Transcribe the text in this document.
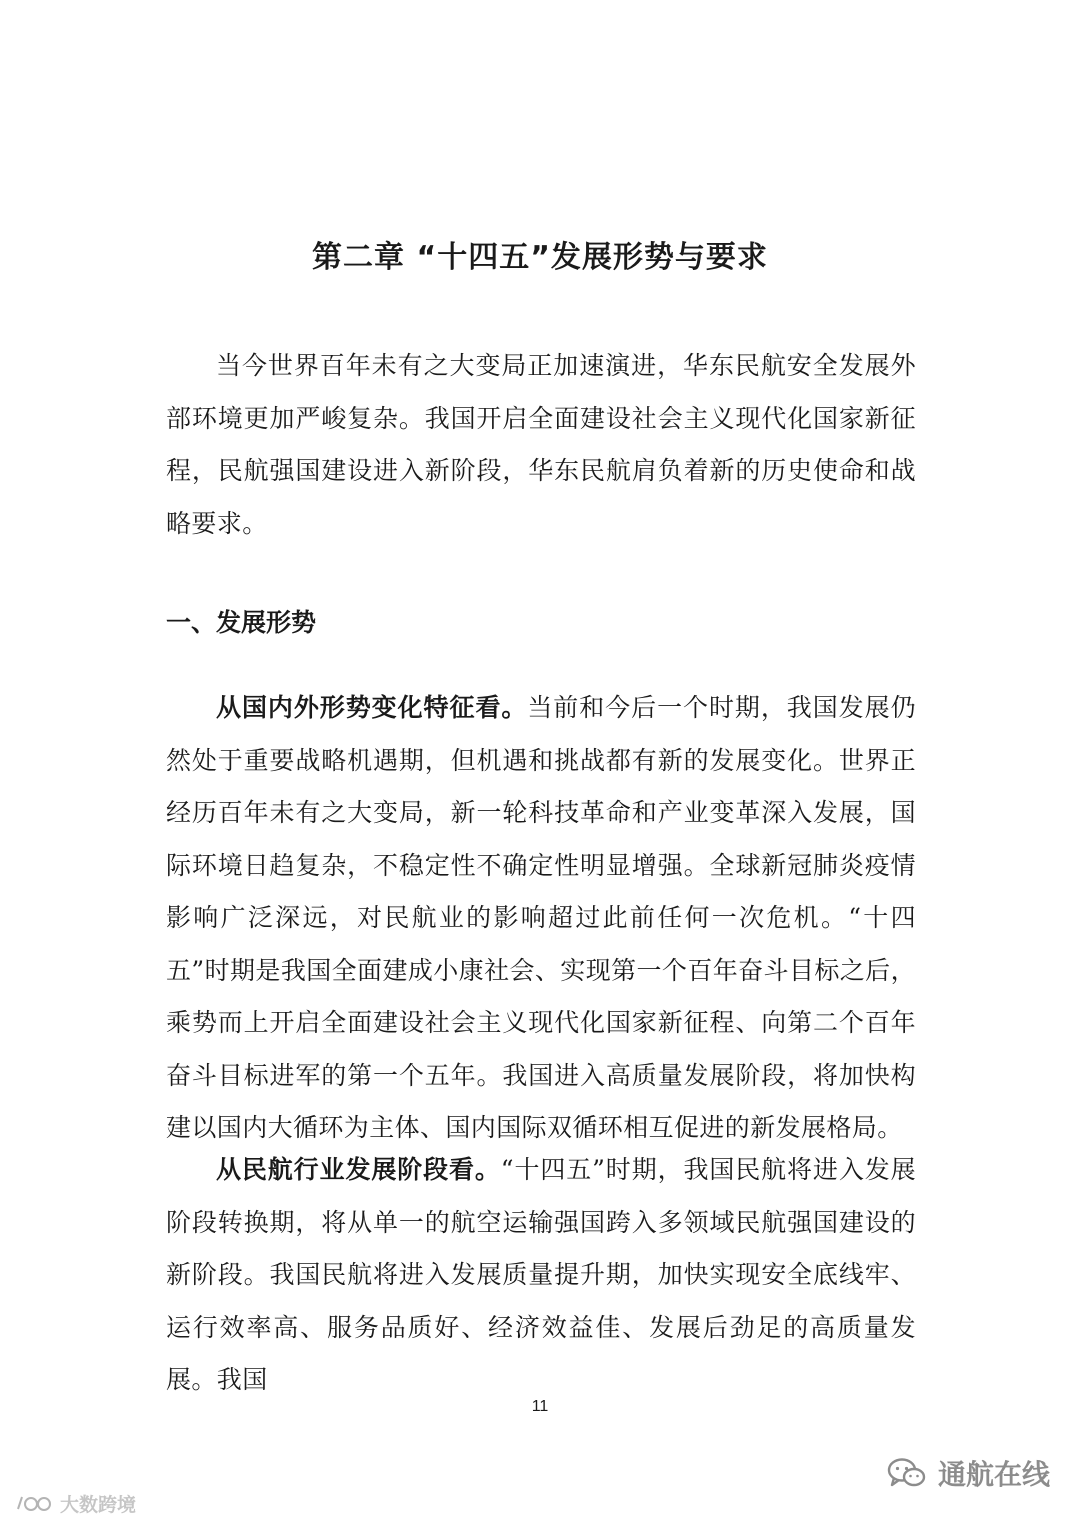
第二章 “十四五”发展形势与要求

当今世界百年未有之大变局正加速演进，华东民航安全发展外部环境更加严峻复杂。我国开启全面建设社会主义现代化国家新征程，民航强国建设进入新阶段，华东民航肩负着新的历史使命和战略要求。

一、发展形势

从国内外形势变化特征看。当前和今后一个时期，我国发展仍然处于重要战略机遇期，但机遇和挑战都有新的发展变化。世界正经历百年未有之大变局，新一轮科技革命和产业变革深入发展，国际环境日趋复杂，不稳定性不确定性明显增强。全球新冠肺炎疫情影响广泛深远，对民航业的影响超过此前任何一次危机。“十四五”时期是我国全面建成小康社会、实现第一个百年奋斗目标之后，乘势而上开启全面建设社会主义现代化国家新征程、向第二个百年奋斗目标进军的第一个五年。我国进入高质量发展阶段，将加快构建以国内大循环为主体、国内国际双循环相互促进的新发展格局。

从民航行业发展阶段看。“十四五”时期，我国民航将进入发展阶段转换期，将从单一的航空运输强国跨入多领域民航强国建设的新阶段。我国民航将进入发展质量提升期，加快实现安全底线牢、运行效率高、服务品质好、经济效益佳、发展后劲足的高质量发展。我国

11
大数跨境
通航在线
